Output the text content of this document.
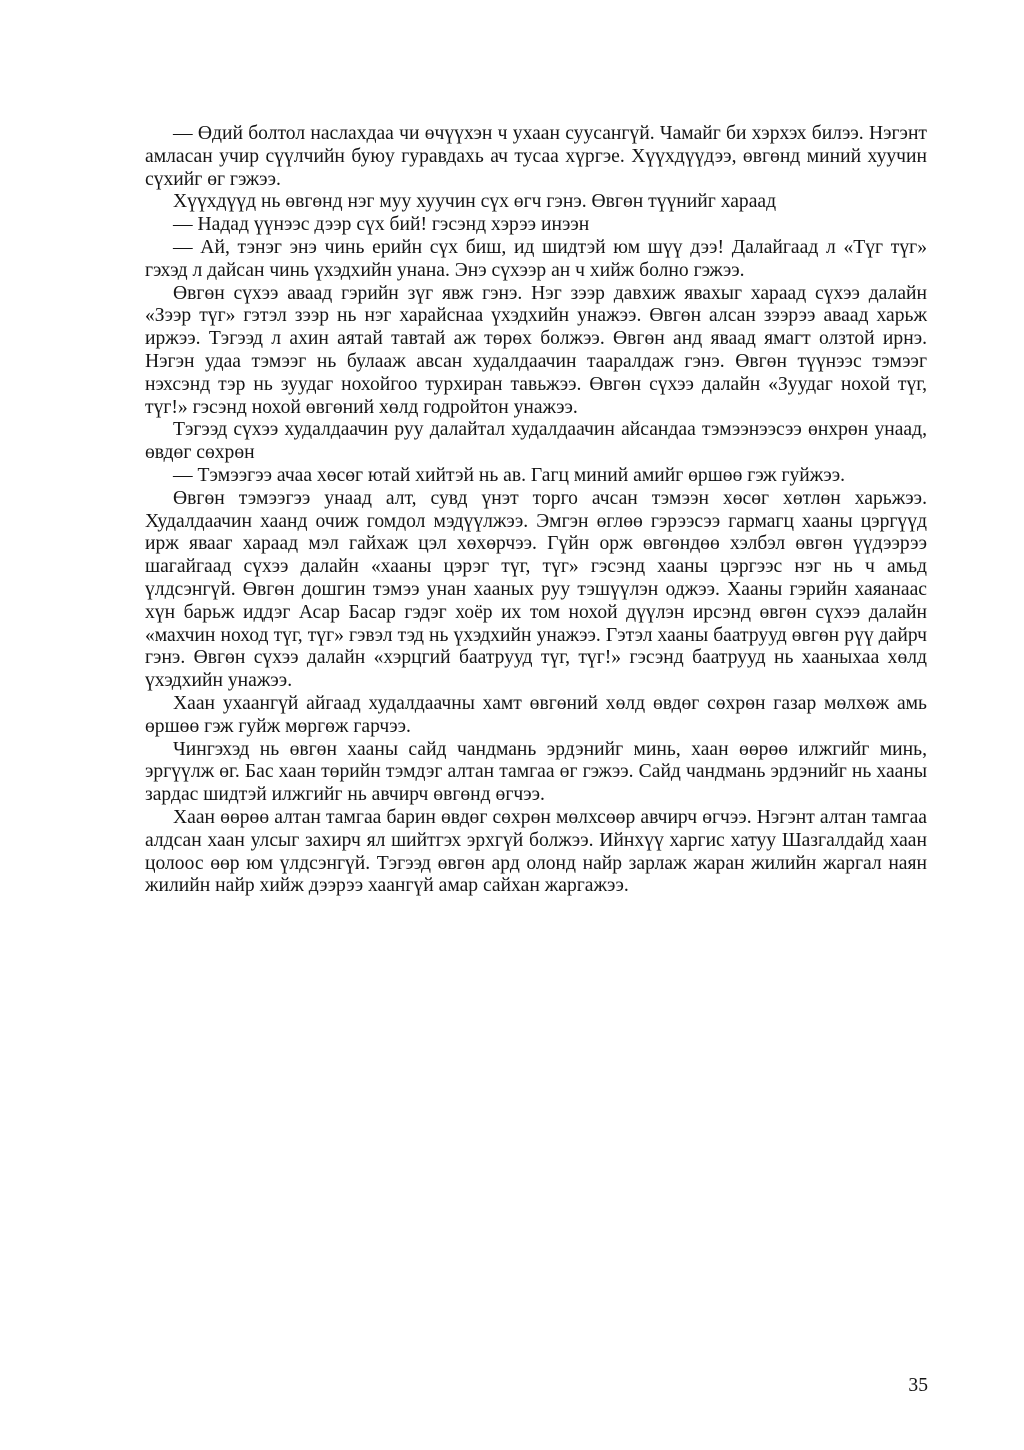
— Өдий болтол наслахдаа чи өчүүхэн ч ухаан суусангүй. Чамайг би хэрхэх билээ. Нэгэнт амласан учир сүүлчийн буюу гуравдахь ач тусаа хүргэе. Хүүхдүүдээ, өвгөнд миний хуучин сүхийг өг гэжээ.

Хүүхдүүд нь өвгөнд нэг муу хуучин сүх өгч гэнэ. Өвгөн түүнийг хараад

— Надад үүнээс дээр сүх бий! гэсэнд хэрээ инээн

— Ай, тэнэг энэ чинь ерийн сүх биш, ид шидтэй юм шүү дээ! Далайгаад л «Түг түг» гэхэд л дайсан чинь үхэдхийн унана. Энэ сүхээр ан ч хийж болно гэжээ.

Өвгөн сүхээ аваад гэрийн зүг явж гэнэ. Нэг зээр давхиж явахыг хараад сүхээ далайн «Зээр түг» гэтэл зээр нь нэг харайснаа үхэдхийн унажээ. Өвгөн алсан зээрээ аваад харьж иржээ. Тэгээд л ахин аятай тавтай аж төрөх болжээ. Өвгөн анд яваад ямагт олзтой ирнэ. Нэгэн удаа тэмээг нь булааж авсан худалдаачин тааралдаж гэнэ. Өвгөн түүнээс тэмээг нэхсэнд тэр нь зуудаг нохойгоо турхиран тавьжээ. Өвгөн сүхээ далайн «Зуудаг нохой түг, түг!» гэсэнд нохой өвгөний хөлд годройтон унажээ.

Тэгээд сүхээ худалдаачин руу далайтал худалдаачин айсандаа тэмээнээсээ өнхрөн унаад, өвдөг сөхрөн

— Тэмээгээ ачаа хөсөг ютай хийтэй нь ав. Гагц миний амийг өршөө гэж гуйжээ.

Өвгөн тэмээгээ унаад алт, сувд үнэт торго ачсан тэмээн хөсөг хөтлөн харьжээ. Худалдаачин хаанд очиж гомдол мэдүүлжээ. Эмгэн өглөө гэрээсээ гармагц хааны цэргүүд ирж явааг хараад мэл гайхаж цэл хөхөрчээ. Гүйн орж өвгөндөө хэлбэл өвгөн үүдээрээ шагайгаад сүхээ далайн «хааны цэрэг түг, түг» гэсэнд хааны цэргээс нэг нь ч амьд үлдсэнгүй. Өвгөн дошгин тэмээ унан хааных руу тэшүүлэн оджээ. Хааны гэрийн хаяанаас хүн барьж иддэг Асар Басар гэдэг хоёр их том нохой дүүлэн ирсэнд өвгөн сүхээ далайн «махчин ноход түг, түг» гэвэл тэд нь үхэдхийн унажээ. Гэтэл хааны баатрууд өвгөн рүү дайрч гэнэ. Өвгөн сүхээ далайн «хэрцгий баатрууд түг, түг!» гэсэнд баатрууд нь хааныхаа хөлд үхэдхийн унажээ.

Хаан ухаангүй айгаад худалдаачны хамт өвгөний хөлд өвдөг сөхрөн газар мөлхөж амь өршөө гэж гуйж мөргөж гарчээ.

Чингэхэд нь өвгөн хааны сайд чандмань эрдэнийг минь, хаан өөрөө илжгийг минь, эргүүлж өг. Бас хаан төрийн тэмдэг алтан тамгаа өг гэжээ. Сайд чандмань эрдэнийг нь хааны зардас шидтэй илжгийг нь авчирч өвгөнд өгчээ.

Хаан өөрөө алтан тамгаа барин өвдөг сөхрөн мөлхсөөр авчирч өгчээ. Нэгэнт алтан тамгаа алдсан хаан улсыг захирч ял шийтгэх эрхгүй болжээ. Ийнхүү харгис хатуу Шазгалдайд хаан цолоос өөр юм үлдсэнгүй. Тэгээд өвгөн ард олонд найр зарлаж жаран жилийн жаргал наян жилийн найр хийж дээрээ хаангүй амар сайхан жаргажээ.

35
